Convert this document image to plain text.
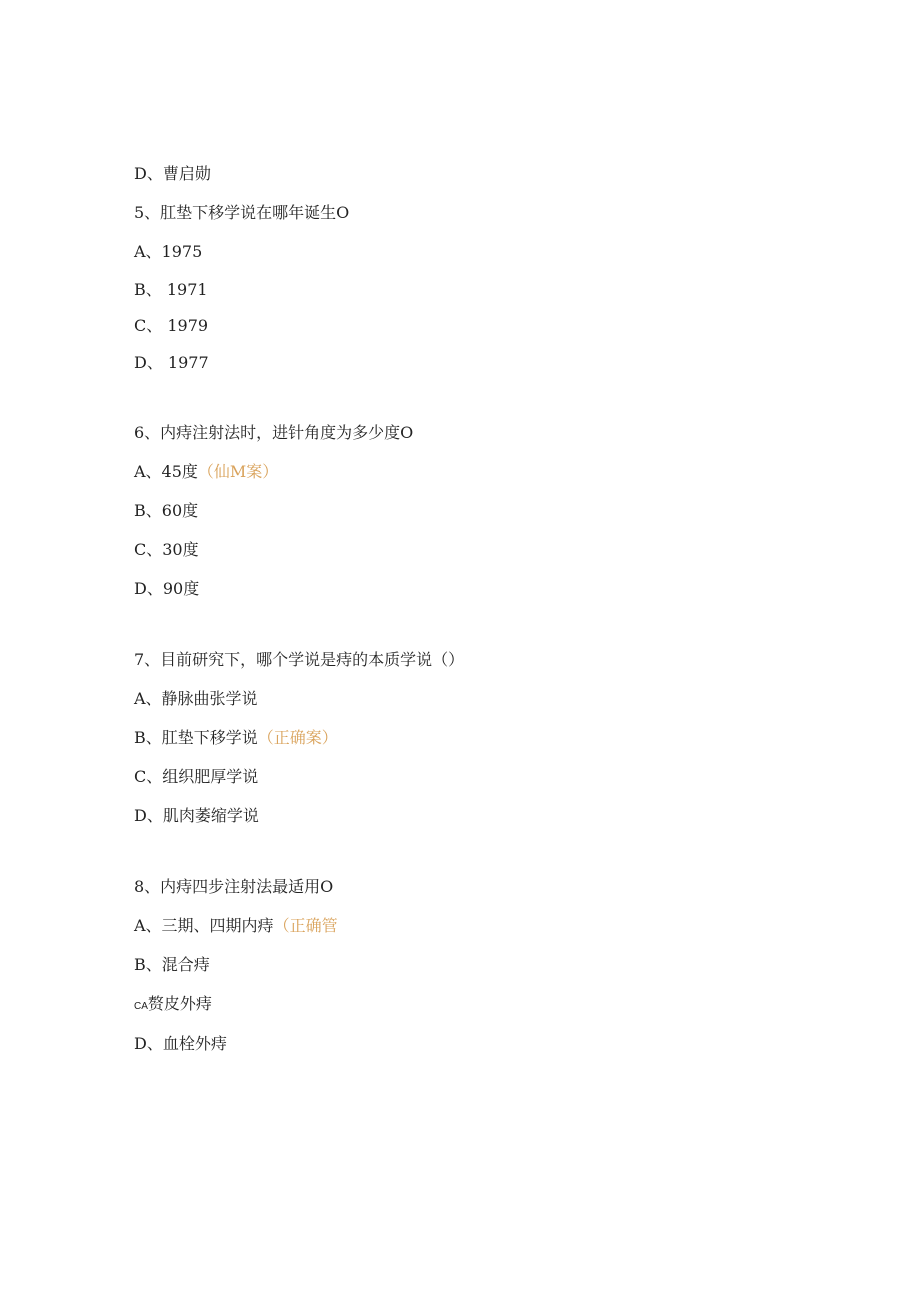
D、曹启勋
5、肛垫下移学说在哪年诞生O
A、1975
B、 1971
C、 1979
D、 1977
6、内痔注射法时，进针角度为多少度O
A、45度（仙M案）
B、60度
C、30度
D、90度
7、目前研究下，哪个学说是痔的本质学说（）
A、静脉曲张学说
B、肛垫下移学说（正确案）
C、组织肥厚学说
D、肌肉萎缩学说
8、内痔四步注射法最适用O
A、三期、四期内痔（正确管
B、混合痔
CA赘皮外痔
D、血栓外痔
